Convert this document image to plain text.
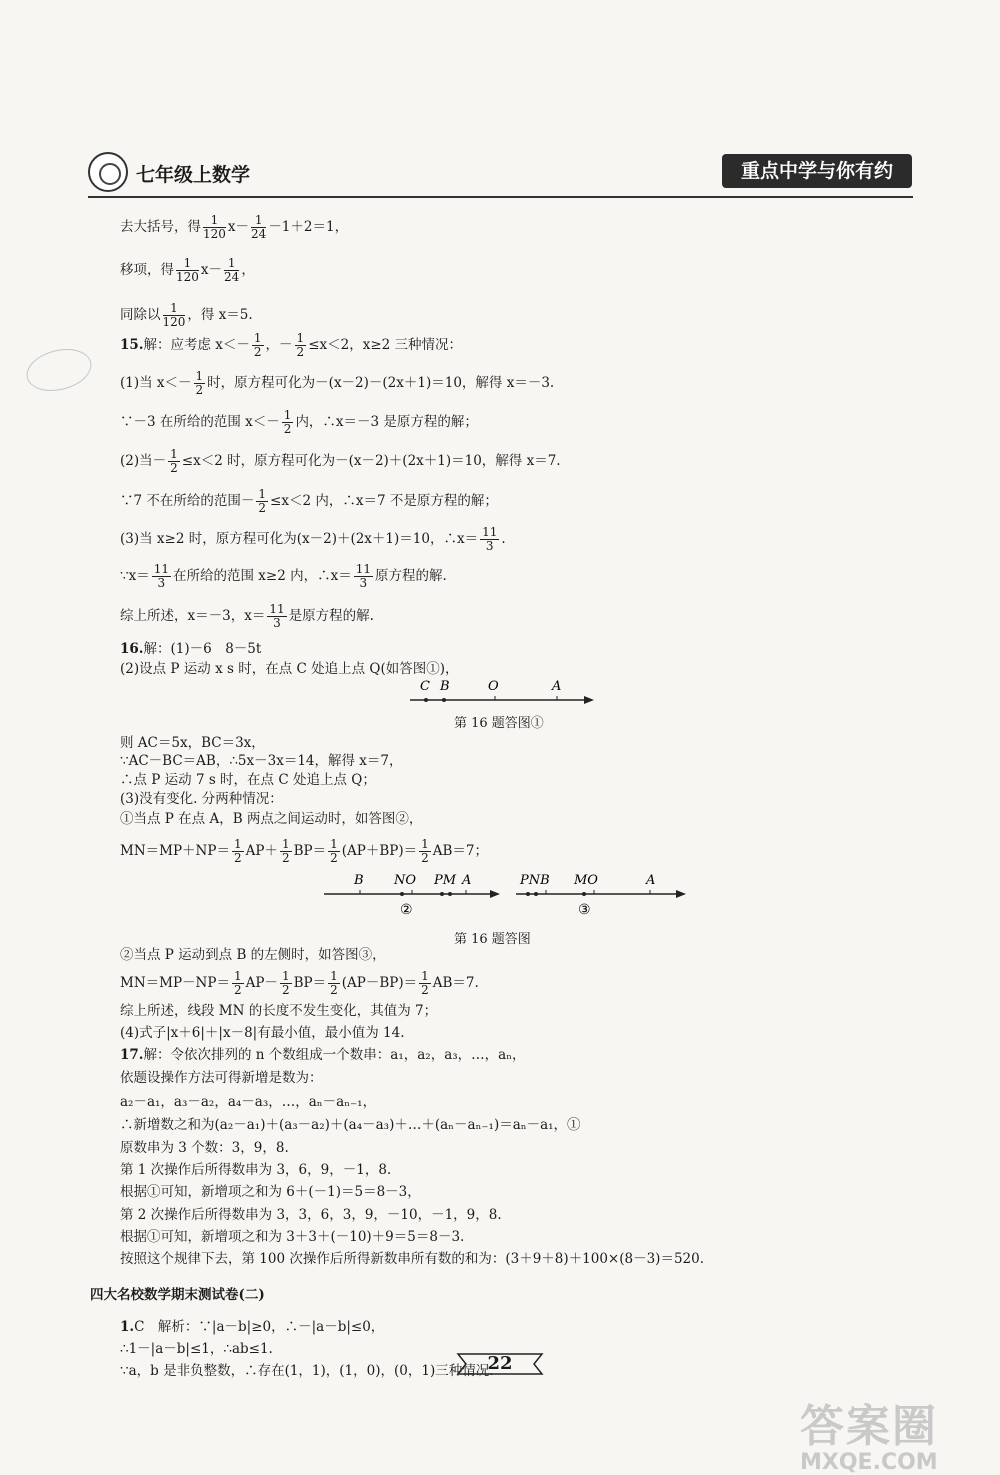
七年级上数学	重点中学与你有约
去大括号，得 $\frac{1}{120} x- \frac{1}{24} -1+2=1$，
移项，得 $\frac{1}{120} x- \frac{1}{24}$ ，
同除以 $\frac{1}{120}$ ，得 x＝5.
15.解：应考虑 $x<- \frac{1}{2}$ ，－ $\frac{1}{2} \le x<2$，x≥2 三种情况：
(1)当 $x<- \frac{1}{2}$ 时，原方程可化为－(x－2)－(2x＋1)＝10，解得 x＝－3.
∵－3 在所给的范围 $x<- \frac{1}{2}$ 内，∴x＝－3 是原方程的解；
(2)当－ $\frac{1}{2} \le x<2$ 时，原方程可化为－(x－2)＋(2x＋1)＝10，解得 x＝7.
∵7 不在所给的范围－ $\frac{1}{2} \le x<2$ 内，∴x＝7 不是原方程的解；
(3)当 x≥2 时，原方程可化为(x－2)＋(2x＋1)＝10，∴x＝ $\frac{11}{3}$ .
∵x＝ $\frac{11}{3}$ 在所给的范围 x≥2 内，∴x＝ $\frac{11}{3}$ 原方程的解.
综上所述，x＝－3，$x= \frac{11}{3}$ 是原方程的解.
16.解：(1)－6　8－5t
(2)设点 P 运动 x s 时，在点 C 处追上点 Q(如答图①)，
C B	O	A
第 16 题答图①
则 AC＝5x，BC＝3x，
∵AC－BC＝AB，∴5x－3x＝14，解得 x＝7，
∴点 P 运动 7 s 时，在点 C 处追上点 Q；
(3)没有变化. 分两种情况：
①当点 P 在点 A，B 两点之间运动时，如答图②，
$MN=MP+NP= \frac{1}{2} AP+ \frac{1}{2} BP= \frac{1}{2} (AP+BP)= \frac{1}{2} AB=7$；
B NO PM A
②
PNB MO	A
③
第 16 题答图
②当点 P 运动到点 B 的左侧时，如答图③，
$MN=MP-NP= \frac{1}{2} AP- \frac{1}{2} BP= \frac{1}{2} (AP-BP)= \frac{1}{2} AB=7$.
综上所述，线段 MN 的长度不发生变化，其值为 7；
(4)式子|x＋6|＋|x－8|有最小值，最小值为 14.
17.解：令依次排列的 n 个数组成一个数串：a₁，a₂，a₃，…，aₙ，
依题设操作方法可得新增是数为：
a₂－a₁，a₃－a₂，a₄－a₃，…，aₙ－aₙ₋₁，
∴新增数之和为(a₂－a₁)＋(a₃－a₂)＋(a₄－a₃)＋…＋(aₙ－aₙ₋₁)＝aₙ－a₁，①
原数串为 3 个数：3，9，8.
第 1 次操作后所得数串为 3，6，9，－1，8.
根据①可知，新增项之和为 6＋(－1)＝5＝8－3，
第 2 次操作后所得数串为 3，3，6，3，9，－10，－1，9，8.
根据①可知，新增项之和为 3＋3＋(－10)＋9＝5＝8－3.
按照这个规律下去，第 100 次操作后所得新数串所有数的和为：(3＋9＋8)＋100×(8－3)＝520.
四大名校数学期末测试卷(二)
1.C　解析：∵|a－b|≥0，∴－|a－b|≤0，
∴1－|a－b|≤1，∴ab≤1.
∵a，b 是非负整数，∴存在(1，1)，(1，0)，(0，1)三种情况.
22
答案圈
MXQE.COM
